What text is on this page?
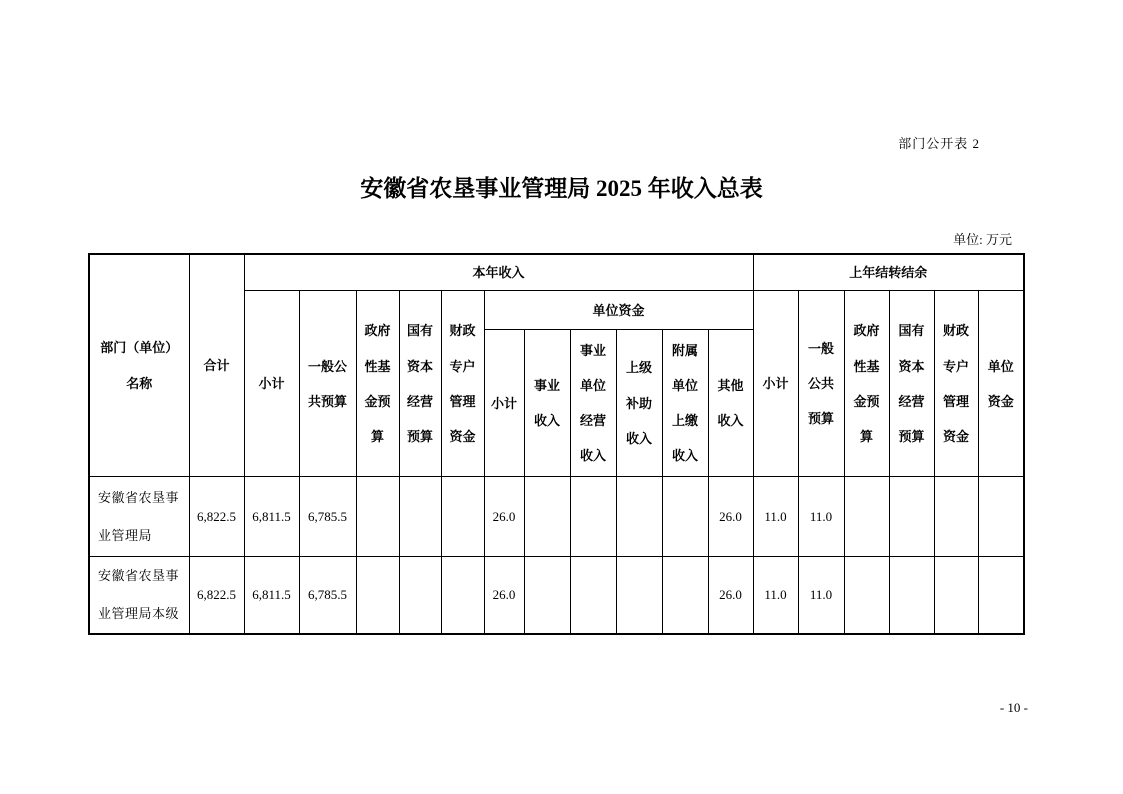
部门公开表 2
安徽省农垦事业管理局 2025 年收入总表
单位: 万元
部门（单位）名称	合计	本年收入											上年结转结余					
		小计	一般公共预算	政府性基金预算	国有资本经营预算	财政专户管理资金	单位资金						小计	一般公共预算	政府性基金预算	国有资本经营预算	财政专户管理资金	单位资金
							小计	事业收入	事业单位经营收入	上级补助收入	附属单位上缴收入	其他收入						
安徽省农垦事业管理局	6,822.5	6,811.5	6,785.5				26.0					26.0	11.0	11.0				
安徽省农垦事业管理局本级	6,822.5	6,811.5	6,785.5				26.0					26.0	11.0	11.0				
- 10 -
